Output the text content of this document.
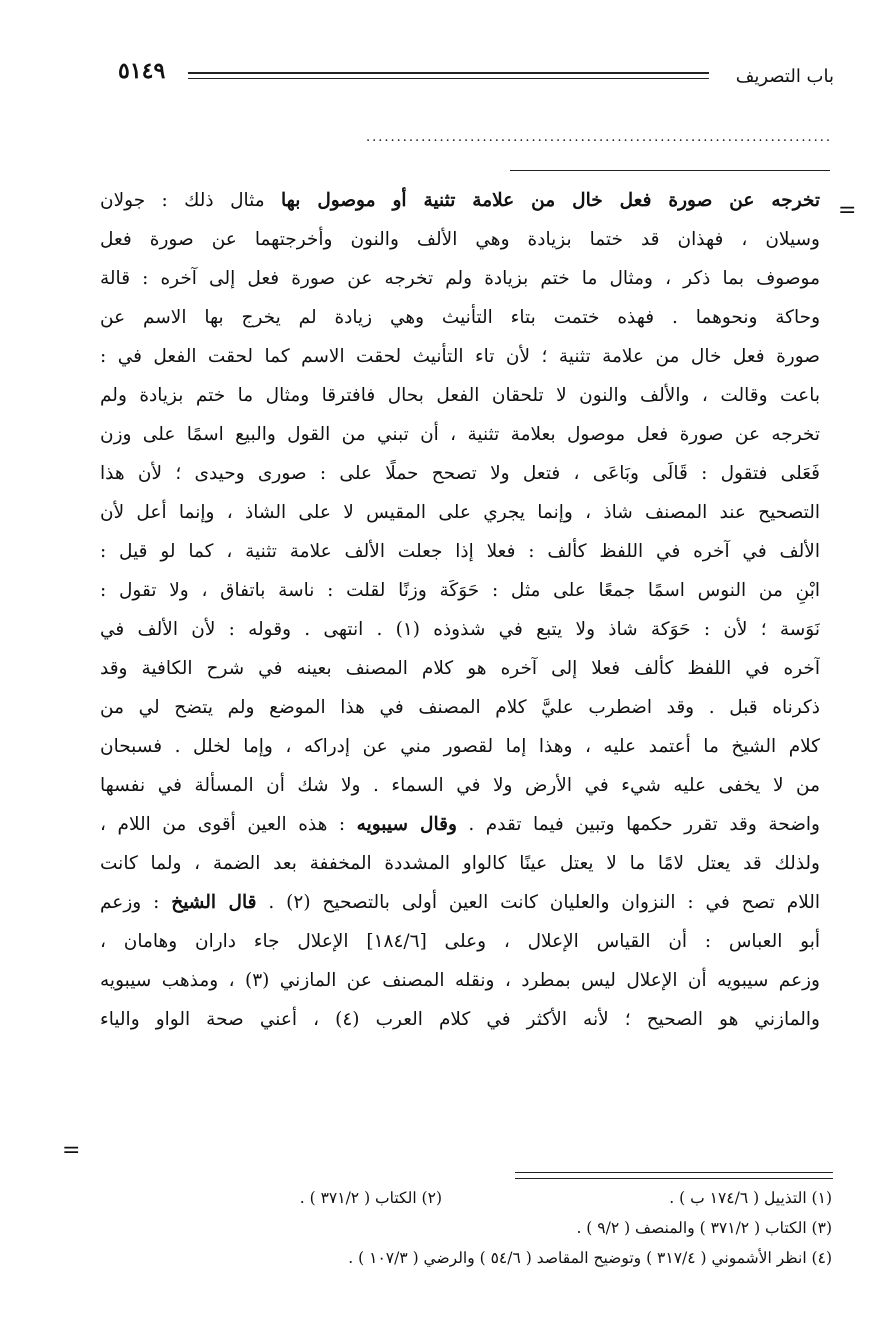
باب التصريف
٥١٤٩
............................................................................
=
تخرجه عن صورة فعل خال من علامة تثنية أو موصول بها مثال ذلك : جولان
وسيلان ، فهذان قد ختما بزيادة وهي الألف والنون وأخرجتهما عن صورة فعل
موصوف بما ذكر ، ومثال ما ختم بزيادة ولم تخرجه عن صورة فعل إلى آخره : قالة
وحاكة ونحوهما . فهذه ختمت بتاء التأنيث وهي زيادة لم يخرج بها الاسم عن
صورة فعل خال من علامة تثنية ؛ لأن تاء التأنيث لحقت الاسم كما لحقت الفعل في :
باعت وقالت ، والألف والنون لا تلحقان الفعل بحال فافترقا ومثال ما ختم بزيادة ولم
تخرجه عن صورة فعل موصول بعلامة تثنية ، أن تبني من القول والبيع اسمًا على وزن
فَعَلى فتقول : قَالَى وبَاعَى ، فتعل ولا تصحح حملًا على : صورى وحيدى ؛ لأن هذا
التصحيح عند المصنف شاذ ، وإنما يجري على المقيس لا على الشاذ ، وإنما أعل لأن
الألف في آخره في اللفظ كألف : فعلا إذا جعلت الألف علامة تثنية ، كما لو قيل :
ابْنِ من النوس اسمًا جمعًا على مثل : حَوَكَة وزنًا لقلت : ناسة باتفاق ، ولا تقول :
نَوَسة ؛ لأن : حَوَكة شاذ ولا يتبع في شذوذه (١) . انتهى . وقوله : لأن الألف في
آخره في اللفظ كألف فعلا إلى آخره هو كلام المصنف بعينه في شرح الكافية وقد
ذكرناه قبل . وقد اضطرب عليَّ كلام المصنف في هذا الموضع ولم يتضح لي من
كلام الشيخ ما أعتمد عليه ، وهذا إما لقصور مني عن إدراكه ، وإما لخلل . فسبحان
من لا يخفى عليه شيء في الأرض ولا في السماء . ولا شك أن المسألة في نفسها
واضحة وقد تقرر حكمها وتبين فيما تقدم . وقال سيبويه : هذه العين أقوى من اللام ،
ولذلك قد يعتل لامًا ما لا يعتل عينًا كالواو المشددة المخففة بعد الضمة ، ولما كانت
اللام تصح في : النزوان والعليان كانت العين أولى بالتصحيح (٢) . قال الشيخ : وزعم
أبو العباس : أن القياس الإعلال ، وعلى [١٨٤/٦] الإعلال جاء داران وهامان ،
وزعم سيبويه أن الإعلال ليس بمطرد ، ونقله المصنف عن المازني (٣) ، ومذهب سيبويه
والمازني هو الصحيح ؛ لأنه الأكثر في كلام العرب (٤) ، أعني صحة الواو والياء
=
(١) التذييل ( ١٧٤/٦ ب ) .
(٢) الكتاب ( ٣٧١/٢ ) .
(٣) الكتاب ( ٣٧١/٢ ) والمنصف ( ٩/٢ ) .
(٤) انظر الأشموني ( ٣١٧/٤ ) وتوضيح المقاصد ( ٥٤/٦ ) والرضي ( ١٠٧/٣ ) .
